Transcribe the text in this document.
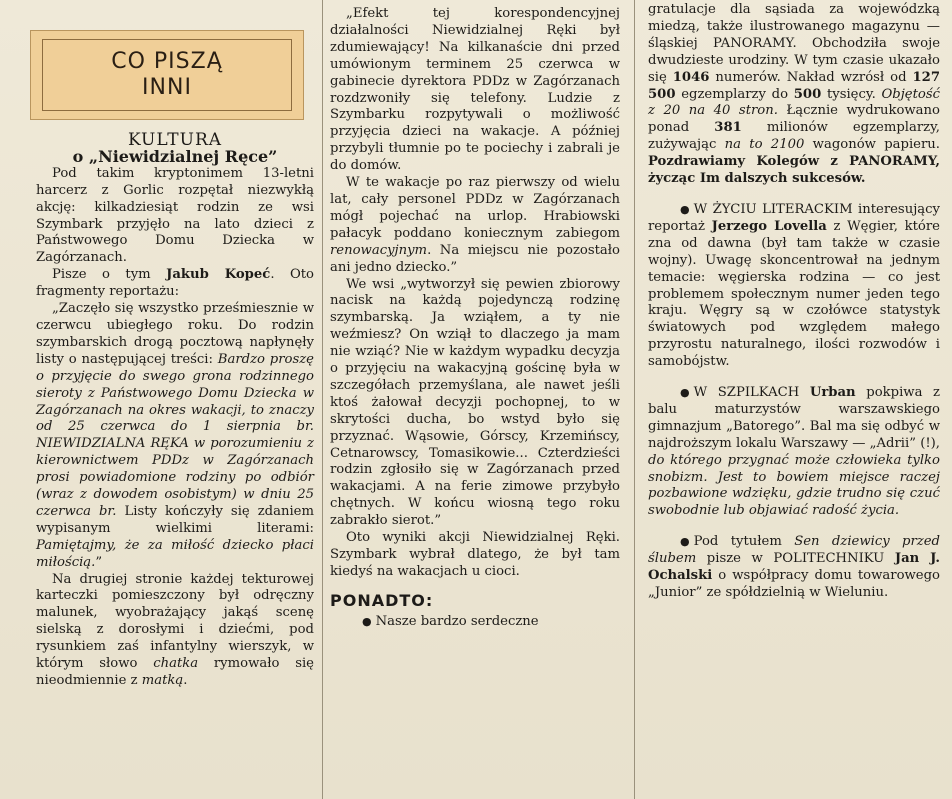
CO PISZĄ
INNI

KULTURA

o „Niewidzialnej Ręce”

Pod takim kryptonimem 13-letni harcerz z Gorlic rozpętał niezwykłą akcję: kilkadziesiąt rodzin ze wsi Szymbark przyjęło na lato dzieci z Państwowego Domu Dziecka w Zagórzanach.

Pisze o tym Jakub Kopeć. Oto fragmenty reportażu:

„Zaczęło się wszystko prześmiesznie w czerwcu ubiegłego roku. Do rodzin szymbarskich drogą pocztową napłynęły listy o następującej treści: Bardzo proszę o przyjęcie do swego grona rodzinnego sieroty z Państwowego Domu Dziecka w Zagórzanach na okres wakacji, to znaczy od 25 czerwca do 1 sierpnia br. NIEWIDZIALNA RĘKA w porozumieniu z kierownictwem PDDz w Zagórzanach prosi powiadomione rodziny po odbiór (wraz z dowodem osobistym) w dniu 25 czerwca br. Listy kończyły się zdaniem wypisanym wielkimi literami: Pamiętajmy, że za miłość dziecko płaci miłością.”

Na drugiej stronie każdej tekturowej karteczki pomieszczony był odręczny malunek, wyobrażający jakąś scenę sielską z dorosłymi i dziećmi, pod rysunkiem zaś infantylny wierszyk, w którym słowo chatka rymowało się nieodmiennie z matką.

„Efekt tej korespondencyjnej działalności Niewidzialnej Ręki był zdumiewający! Na kilkanaście dni przed umówionym terminem 25 czerwca w gabinecie dyrektora PDDz w Zagórzanach rozdzwoniły się telefony. Ludzie z Szymbarku rozpytywali o możliwość przyjęcia dzieci na wakacje. A później przybyli tłumnie po te pociechy i zabrali je do domów.

W te wakacje po raz pierwszy od wielu lat, cały personel PDDz w Zagórzanach mógł pojechać na urlop. Hrabiowski pałacyk poddano koniecznym zabiegom renowacyjnym. Na miejscu nie pozostało ani jedno dziecko.”

We wsi „wytworzył się pewien zbiorowy nacisk na każdą pojedynczą rodzinę szymbarską. Ja wziąłem, a ty nie weźmiesz? On wziął to dlaczego ja mam nie wziąć? Nie w każdym wypadku decyzja o przyjęciu na wakacyjną gościnę była w szczegółach przemyślana, ale nawet jeśli ktoś żałował decyzji pochopnej, to w skrytości ducha, bo wstyd było się przyznać. Wąsowie, Górscy, Krzemińscy, Cetnarowscy, Tomasikowie... Czterdzieści rodzin zgłosiło się w Zagórzanach przed wakacjami. A na ferie zimowe przybyło chętnych. W końcu wiosną tego roku zabrakło sierot.”

Oto wyniki akcji Niewidzialnej Ręki. Szymbark wybrał dlatego, że był tam kiedyś na wakacjach u cioci.

PONADTO:

● Nasze bardzo serdeczne

gratulacje dla sąsiada za wojewódzką miedzą, także ilustrowanego magazynu — śląskiej PANORAMY. Obchodziła swoje dwudzieste urodziny. W tym czasie ukazało się 1046 numerów. Nakład wzrósł od 127 500 egzemplarzy do 500 tysięcy. Objętość z 20 na 40 stron. Łącznie wydrukowano ponad 381 milionów egzemplarzy, zużywając na to 2100 wagonów papieru. Pozdrawiamy Kolegów z PANORAMY, życząc Im dalszych sukcesów.

● W ŻYCIU LITERACKIM interesujący reportaż Jerzego Lovella z Węgier, które zna od dawna (był tam także w czasie wojny). Uwagę skoncentrował na jednym temacie: węgierska rodzina — co jest problemem społecznym numer jeden tego kraju. Węgry są w czołówce statystyk światowych pod względem małego przyrostu naturalnego, ilości rozwodów i samobójstw.

● W SZPILKACH Urban pokpiwa z balu maturzystów warszawskiego gimnazjum „Batorego”. Bal ma się odbyć w najdroższym lokalu Warszawy — „Adrii” (!), do którego przygnać może człowieka tylko snobizm. Jest to bowiem miejsce raczej pozbawione wdzięku, gdzie trudno się czuć swobodnie lub objawiać radość życia.

● Pod tytułem Sen dziewicy przed ślubem pisze w POLITECHNIKU Jan J. Ochalski o współpracy domu towarowego „Junior” ze spółdzielnią w Wieluniu.
